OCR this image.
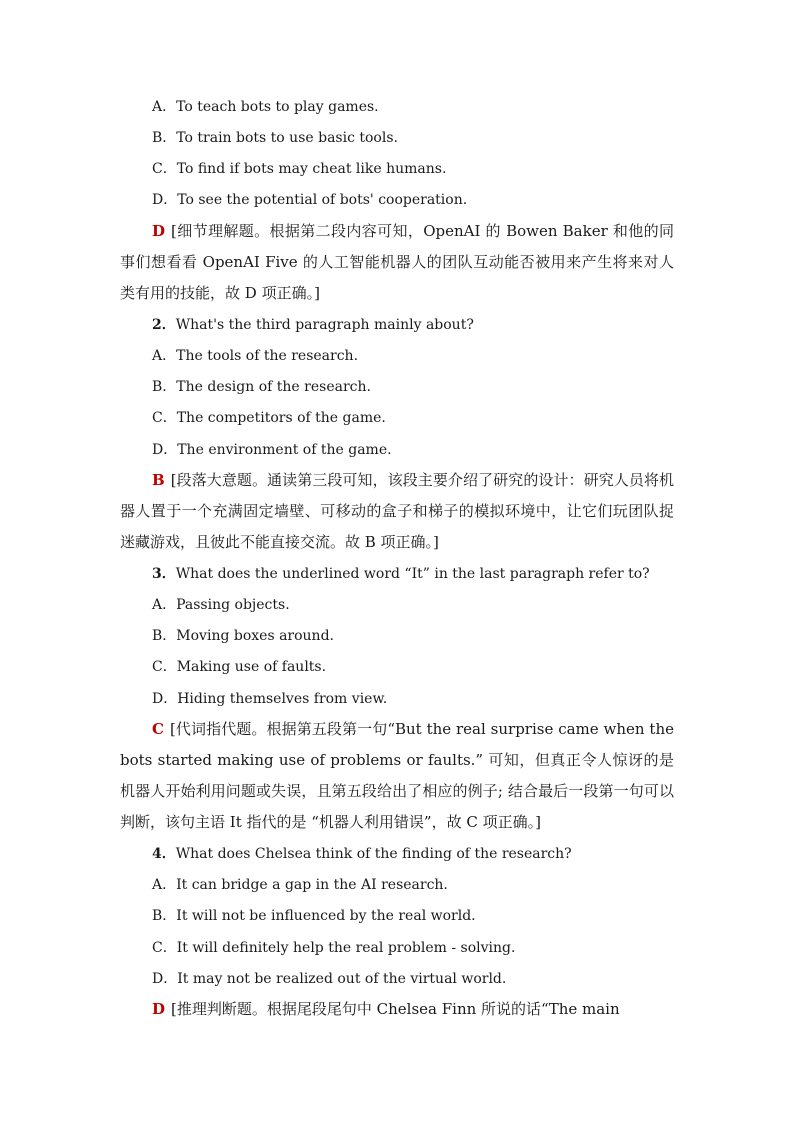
A．To teach bots to play games.
B．To train bots to use basic tools.
C．To find if bots may cheat like humans.
D．To see the potential of bots' cooperation.
D [细节理解题。根据第二段内容可知，OpenAI 的 Bowen Baker 和他的同事们想看看 OpenAI Five 的人工智能机器人的团队互动能否被用来产生将来对人类有用的技能，故 D 项正确。]
2．What's the third paragraph mainly about?
A．The tools of the research.
B．The design of the research.
C．The competitors of the game.
D．The environment of the game.
B [段落大意题。通读第三段可知，该段主要介绍了研究的设计：研究人员将机器人置于一个充满固定墙壁、可移动的盒子和梯子的模拟环境中，让它们玩团队捉迷藏游戏，且彼此不能直接交流。故 B 项正确。]
3．What does the underlined word “It” in the last paragraph refer to?
A．Passing objects.
B．Moving boxes around.
C．Making use of faults.
D．Hiding themselves from view.
C [代词指代题。根据第五段第一句“But the real surprise came when the bots started making use of problems or faults.” 可知，但真正令人惊讶的是机器人开始利用问题或失误，且第五段给出了相应的例子; 结合最后一段第一句可以判断，该句主语 It 指代的是 “机器人利用错误”，故 C 项正确。]
4．What does Chelsea think of the finding of the research?
A．It can bridge a gap in the AI research.
B．It will not be influenced by the real world.
C．It will definitely help the real problem - solving.
D．It may not be realized out of the virtual world.
D [推理判断题。根据尾段尾句中 Chelsea Finn 所说的话“The main
